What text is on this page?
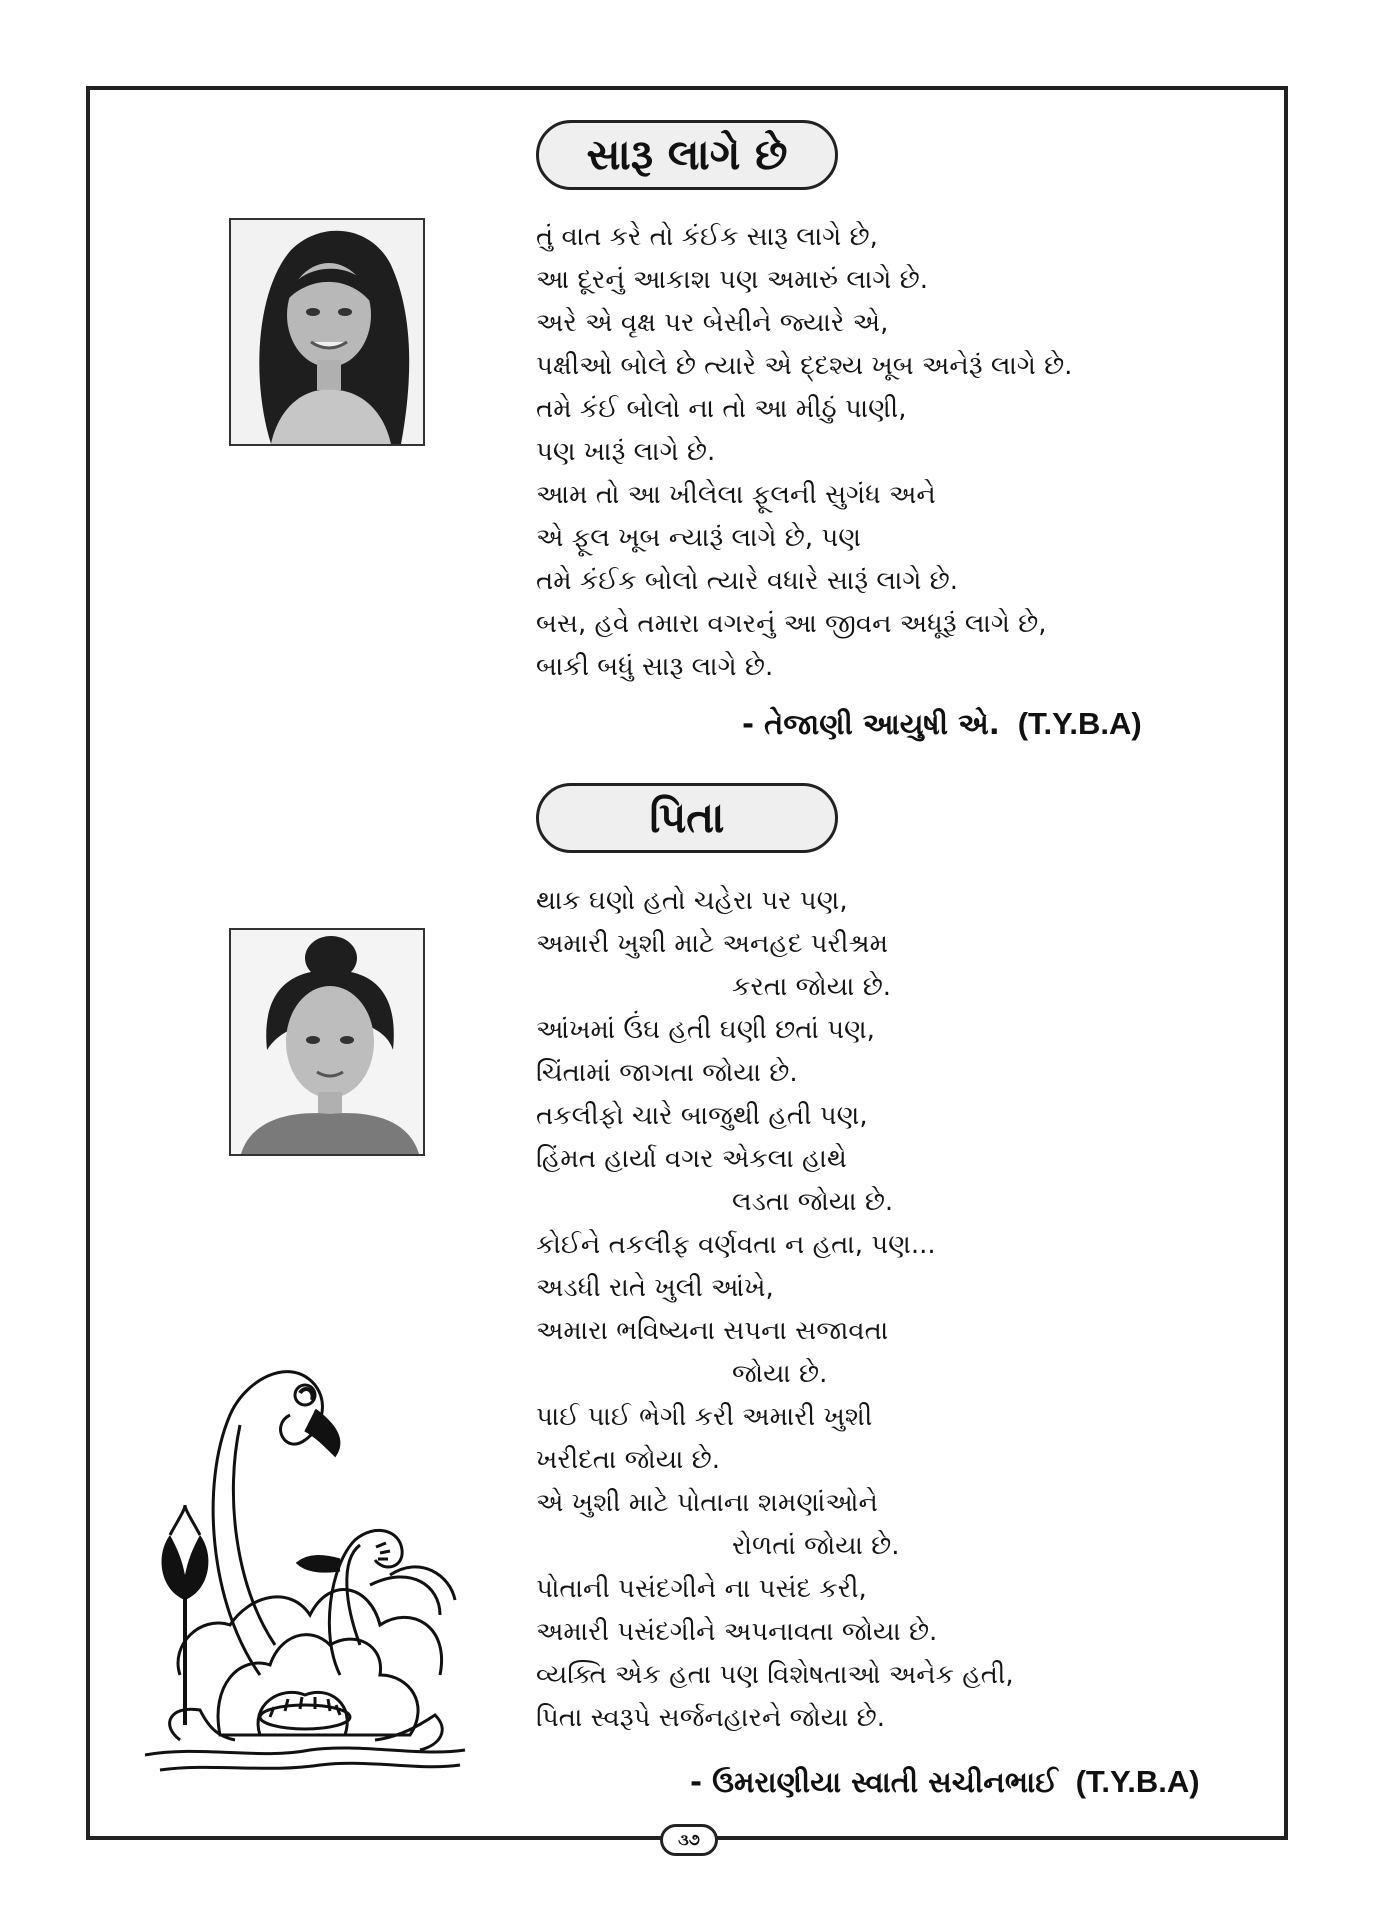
સારૂ લાગે છે
તું વાત કરે તો કંઈક સારૂ લાગે છે,
આ દૂરનું આકાશ પણ અમારું લાગે છે.
અરે એ વૃક્ષ પર બેસીને જ્યારે એ,
પક્ષીઓ બોલે છે ત્યારે એ દ્દશ્ય ખૂબ અનેરૂં લાગે છે.
તમે કંઈ બોલો ના તો આ મીઠું પાણી,
પણ ખારૂં લાગે છે.
આમ તો આ ખીલેલા ફૂલની સુગંધ અને
એ ફૂલ ખૂબ ન્યારૂં લાગે છે, પણ
તમે કંઈક બોલો ત્યારે વધારે સારૂં લાગે છે.
બસ, હવે તમારા વગરનું આ જીવન અધૂરૂં લાગે છે,
બાકી બધું સારૂ લાગે છે.
- તેજાણી આયુષી એ. (T.Y.B.A)
પિતા
થાક ઘણો હતો ચહેરા પર પણ,
અમારી ખુશી માટે અનહદ પરીશ્રમ
કરતા જોયા છે.
આંખમાં ઉંઘ હતી ઘણી છતાં પણ,
ચિંતામાં જાગતા જોયા છે.
તકલીફો ચારે બાજુથી હતી પણ,
હિંમત હાર્યા વગર એકલા હાથે
લડતા જોયા છે.
કોઈને તકલીફ વર્ણવતા ન હતા, પણ...
અડધી રાતે ખુલી આંખે,
અમારા ભવિષ્યના સપના સજાવતા
જોયા છે.
પાઈ પાઈ ભેગી કરી અમારી ખુશી
ખરીદતા જોયા છે.
એ ખુશી માટે પોતાના શમણાંઓને
રોળતાં જોયા છે.
પોતાની પસંદગીને ના પસંદ કરી,
અમારી પસંદગીને અપનાવતા જોયા છે.
વ્યક્તિ એક હતા પણ વિશેષતાઓ અનેક હતી,
પિતા સ્વરૂપે સર્જનહારને જોયા છે.
- ઉમરાણીયા સ્વાતી સચીનભાઈ (T.Y.B.A)
૩૭
